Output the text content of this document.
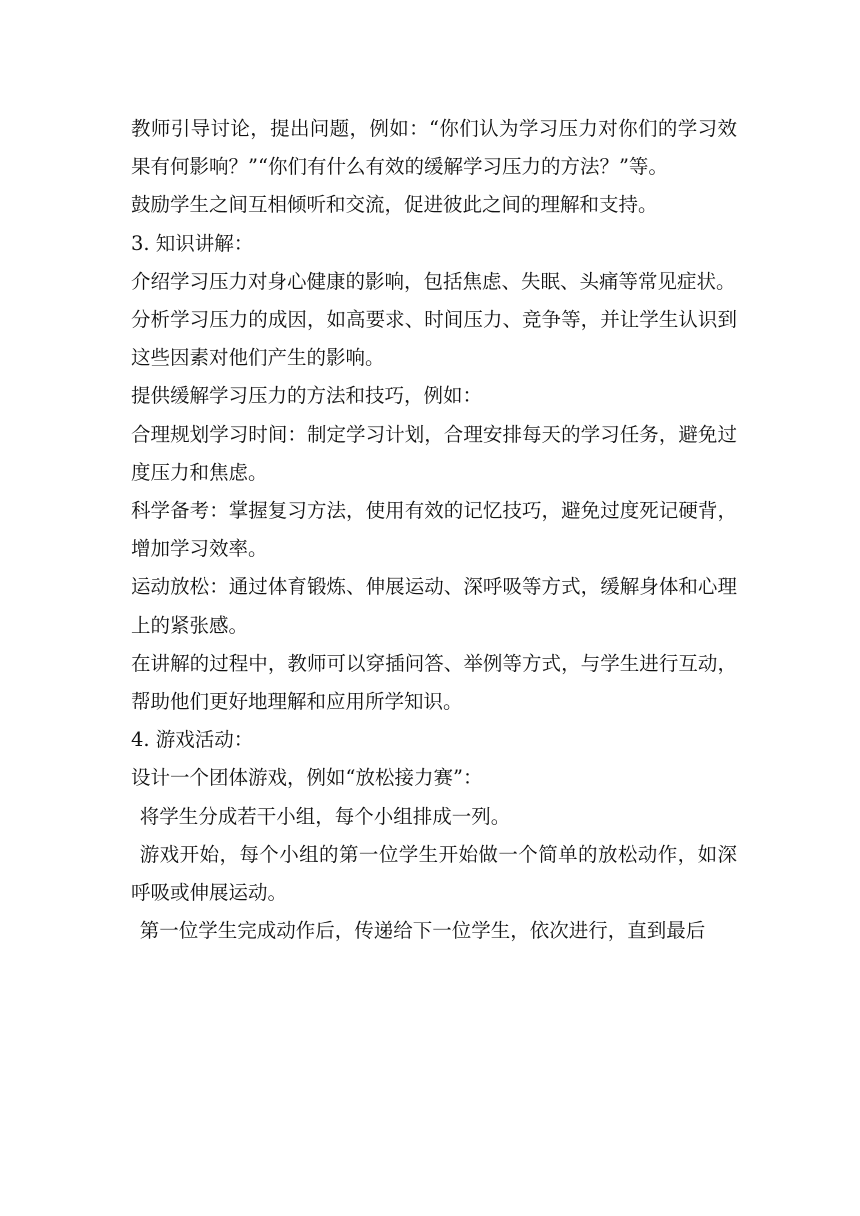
教师引导讨论，提出问题，例如：“你们认为学习压力对你们的学习效果有何影响？”“你们有什么有效的缓解学习压力的方法？”等。

鼓励学生之间互相倾听和交流，促进彼此之间的理解和支持。

3. 知识讲解：

介绍学习压力对身心健康的影响，包括焦虑、失眠、头痛等常见症状。

分析学习压力的成因，如高要求、时间压力、竞争等，并让学生认识到这些因素对他们产生的影响。

提供缓解学习压力的方法和技巧，例如：

合理规划学习时间：制定学习计划，合理安排每天的学习任务，避免过度压力和焦虑。

科学备考：掌握复习方法，使用有效的记忆技巧，避免过度死记硬背，增加学习效率。

运动放松：通过体育锻炼、伸展运动、深呼吸等方式，缓解身体和心理上的紧张感。

在讲解的过程中，教师可以穿插问答、举例等方式，与学生进行互动，帮助他们更好地理解和应用所学知识。

4. 游戏活动：

设计一个团体游戏，例如“放松接力赛”：

将学生分成若干小组，每个小组排成一列。

游戏开始，每个小组的第一位学生开始做一个简单的放松动作，如深呼吸或伸展运动。

第一位学生完成动作后，传递给下一位学生，依次进行，直到最后
